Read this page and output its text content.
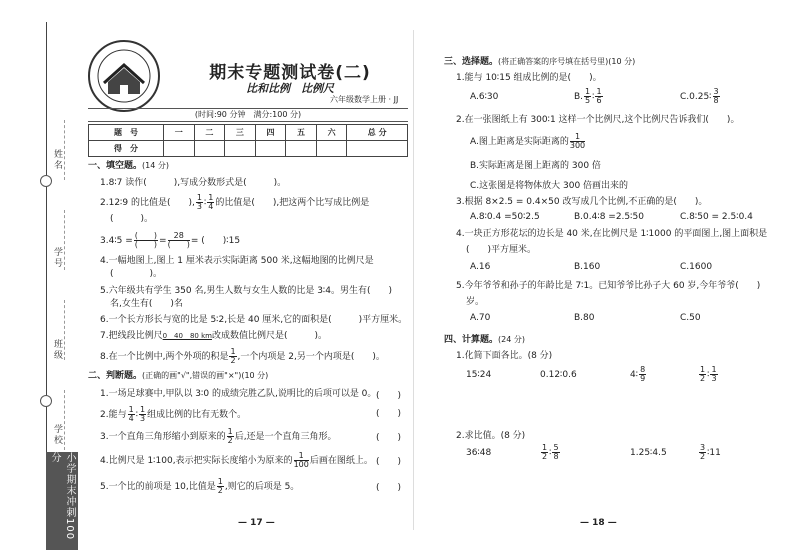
姓名
学号
班级
学校
小学期末冲刺100分
期末专题测试卷(二)
比和比例　比例尺
六年级数学上册 · JJ
(时间:90 分钟　满分:100 分)
题　号	一	二	三	四	五	六	总 分
得　分							
一、填空题。(14 分)
1.8∶7 读作(　　　),写成分数形式是(　　　)。
2.12∶9 的比值是(　　), $\frac{1}{3}$ ∶ $\frac{1}{4}$ 的比值是(　　),把这两个比写成比例是
(　　　)。
3.4∶5 = $\frac{( )}{( )} = \frac{28}{( )}$ = (　　)∶15
4.一幅地图上,图上 1 厘米表示实际距离 500 米,这幅地图的比例尺是
(　　　　)。
5.六年级共有学生 350 名,男生人数与女生人数的比是 3∶4。男生有(　　)
名,女生有(　　)名
6.一个长方形长与宽的比是 5∶2,长是 40 厘米,它的面积是(　　　)平方厘米。
7.把线段比例尺0　40　80 km改成数值比例尺是(　　　)。
8.在一个比例中,两个外项的积是 $\frac{1}{2}$ ,一个内项是 2,另一个内项是(　　)。
二、判断题。(正确的画"√",错误的画"×")(10 分)
1.一场足球赛中,甲队以 3∶0 的成绩完胜乙队,说明比的后项可以是 0。 (　　)
2.能与 $\frac{1}{4}$ ∶ $\frac{1}{3}$ 组成比例的比有无数个。	(　　)
3.一个直角三角形缩小到原来的 $\frac{1}{2}$ 后,还是一个直角三角形。	(　　)
4.比例尺是 1∶100,表示把实际长度缩小为原来的 $\frac{1}{100}$ 后画在图纸上。 (　　)
5.一个比的前项是 10,比值是 $\frac{1}{2}$ ,则它的后项是 5。	(　　)
— 17 —
三、选择题。(将正确答案的序号填在括号里)(10 分)
1.能与 10∶15 组成比例的是(　　)。
A.6∶30	B. $\frac{1}{5}$ ∶ $\frac{1}{6}$	C.0.25∶ $\frac{3}{8}$
2.在一张图纸上有 300∶1 这样一个比例尺,这个比例尺告诉我们(　　)。
A.图上距离是实际距离的 $\frac{1}{300}$
B.实际距离是图上距离的 300 倍
C.这张图是将物体放大 300 倍画出来的
3.根据 8×2.5 = 0.4×50 改写成几个比例,不正确的是(　　)。
A.8∶0.4 =50∶2.5	B.0.4∶8 =2.5∶50	C.8∶50 = 2.5∶0.4
4.一块正方形花坛的边长是 40 米,在比例尺是 1∶1000 的平面图上,图上面积是
(　　)平方厘米。
A.16	B.160	C.1600
5.今年爷爷和孙子的年龄比是 7∶1。已知爷爷比孙子大 60 岁,今年爷爷(　　)
岁。
A.70	B.80	C.50
四、计算题。(24 分)
1.化简下面各比。(8 分)
15∶24	0.12∶0.6	4∶ $\frac{8}{9}$	$\frac{1}{2}$ ∶ $\frac{1}{3}$
2.求比值。(8 分)
36∶48	$\frac{1}{2}$ ∶ $\frac{5}{8}$	1.25∶4.5	$\frac{3}{2}$ ∶11
— 18 —
